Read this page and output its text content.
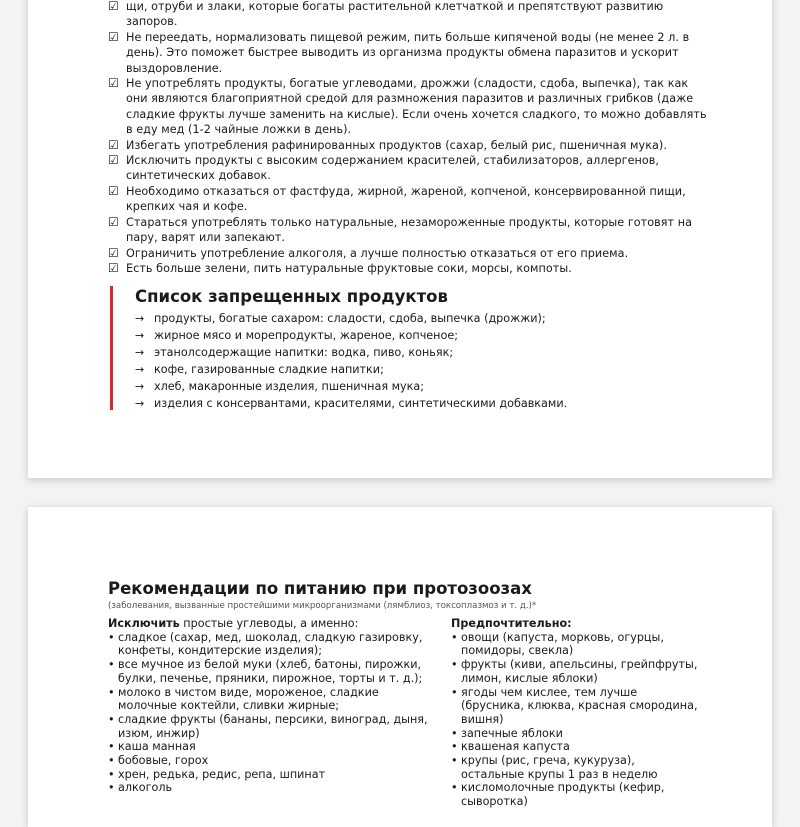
☑ щи, отруби и злаки, которые богаты растительной клетчаткой и препятствуют развитию запоров.
☑ Не переедать, нормализовать пищевой режим, пить больше кипяченой воды (не менее 2 л. в день). Это поможет быстрее выводить из организма продукты обмена паразитов и ускорит выздоровление.
☑ Не употреблять продукты, богатые углеводами, дрожжи (сладости, сдоба, выпечка), так как они являются благоприятной средой для размножения паразитов и различных грибков (даже сладкие фрукты лучше заменить на кислые). Если очень хочется сладкого, то можно добавлять в еду мед (1-2 чайные ложки в день).
☑ Избегать употребления рафинированных продуктов (сахар, белый рис, пшеничная мука).
☑ Исключить продукты с высоким содержанием красителей, стабилизаторов, аллергенов, синтетических добавок.
☑ Необходимо отказаться от фастфуда, жирной, жареной, копченой, консервированной пищи, крепких чая и кофе.
☑ Стараться употреблять только натуральные, незамороженные продукты, которые готовят на пару, варят или запекают.
☑ Ограничить употребление алкоголя, а лучше полностью отказаться от его приема.
☑ Есть больше зелени, пить натуральные фруктовые соки, морсы, компоты.
Список запрещенных продуктов
→ продукты, богатые сахаром: сладости, сдоба, выпечка (дрожжи);
→ жирное мясо и морепродукты, жареное, копченое;
→ этанолсодержащие напитки: водка, пиво, коньяк;
→ кофе, газированные сладкие напитки;
→ хлеб, макаронные изделия, пшеничная мука;
→ изделия с консервантами, красителями, синтетическими добавками.
Рекомендации по питанию при протозоозах
(заболевания, вызванные простейшими микроорганизмами (лямблиоз, токсоплазмоз и т. д.)*

Исключить простые углеводы, а именно:

• сладкое (сахар, мед, шоколад, сладкую газировку, конфеты, кондитерские изделия);
• все мучное из белой муки (хлеб, батоны, пирожки, булки, печенье, пряники, пирожное, торты и т. д.);
• молоко в чистом виде, мороженое, сладкие молочные коктейли, сливки жирные;
• сладкие фрукты (бананы, персики, виноград, дыня, изюм, инжир)
• каша манная
• бобовые, горох
• хрен, редька, редис, репа, шпинат
• алкоголь

Предпочтительно:

• овощи (капуста, морковь, огурцы, помидоры, свекла)
• фрукты (киви, апельсины, грейпфруты, лимон, кислые яблоки)
• ягоды чем кислее, тем лучше (брусника, клюква, красная смородина, вишня)
• запечные яблоки
• квашеная капуста
• крупы (рис, греча, кукуруза), остальные крупы 1 раз в неделю
• кисломолочные продукты (кефир, сыворотка)
